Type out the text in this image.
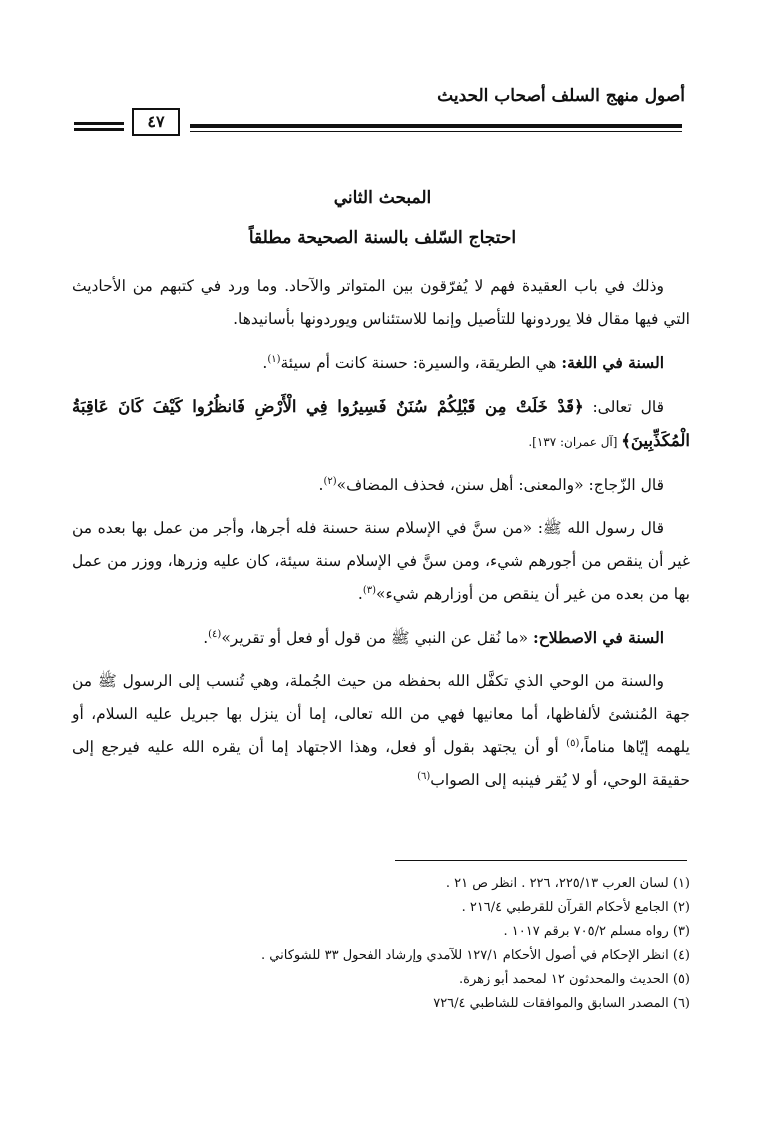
أصول منهج السلف أصحاب الحديث
٤٧
المبحث الثاني
احتجاج السّلف بالسنة الصحيحة مطلقاً

وذلك في باب العقيدة فهم لا يُفرّقون بين المتواتر والآحاد. وما ورد في كتبهم من الأحاديث التي فيها مقال فلا يوردونها للتأصيل وإنما للاستئناس ويوردونها بأسانيدها.

السنة في اللغة: هي الطريقة، والسيرة: حسنة كانت أم سيئة$^{(١)}$.

قال تعالى: ﴿قَدْ خَلَتْ مِن قَبْلِكُمْ سُنَنٌ فَسِيرُوا فِي الْأَرْضِ فَانظُرُوا كَيْفَ كَانَ عَاقِبَةُ الْمُكَذِّبِينَ﴾ [آل عمران: ١٣٧].

قال الزّجاج: «والمعنى: أهل سنن، فحذف المضاف»$^{(٢)}$.

قال رسول الله ﷺ: «من سنَّ في الإسلام سنة حسنة فله أجرها، وأجر من عمل بها بعده من غير أن ينقص من أجورهم شيء، ومن سنَّ في الإسلام سنة سيئة، كان عليه وزرها، ووزر من عمل بها من بعده من غير أن ينقص من أوزارهم شيء»$^{(٣)}$.

السنة في الاصطلاح: «ما نُقل عن النبي ﷺ من قول أو فعل أو تقرير»$^{(٤)}$.

والسنة من الوحي الذي تكفَّل الله بحفظه من حيث الجُملة، وهي تُنسب إلى الرسول ﷺ من جهة المُنشئ لألفاظها، أما معانيها فهي من الله تعالى، إما أن ينزل بها جبريل عليه السلام، أو يلهمه إيّاها مناماً،$^{(٥)}$ أو أن يجتهد بقول أو فعل، وهذا الاجتهاد إما أن يقره الله عليه فيرجع إلى حقيقة الوحي، أو لا يُقر فينبه إلى الصواب$^{(٦)}$

(١) لسان العرب ٢٢٥/١٣، ٢٢٦ . انظر ص ٢١ .
(٢) الجامع لأحكام القرآن للقرطبي ٢١٦/٤ .
(٣) رواه مسلم ٧٠٥/٢ برقم ١٠١٧ .
(٤) انظر الإحكام في أصول الأحكام ١٢٧/١ للآمدي وإرشاد الفحول ٣٣ للشوكاني .
(٥) الحديث والمحدثون ١٢ لمحمد أبو زهرة.
(٦) المصدر السابق والموافقات للشاطبي ٧٢٦/٤
